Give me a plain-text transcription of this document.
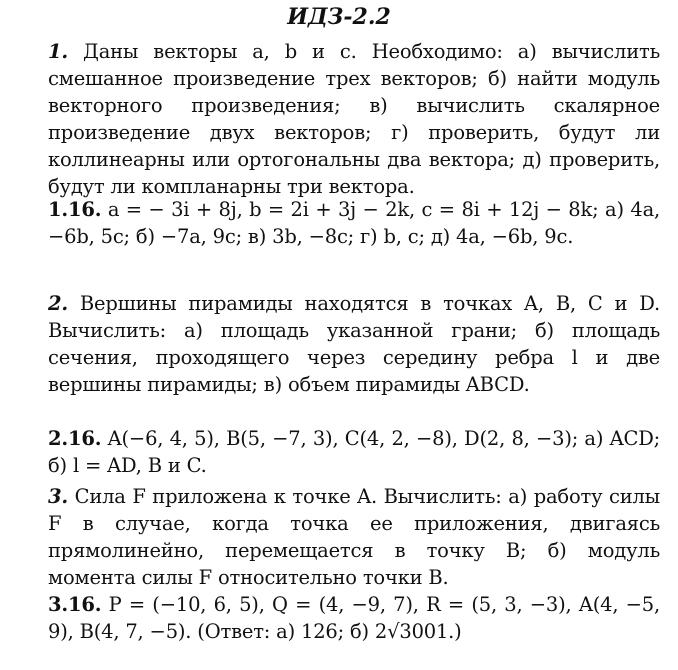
ИДЗ-2.2

1. Даны векторы a, b и c. Необходимо: а) вычислить смешанное произведение трех векторов; б) найти модуль векторного произведения; в) вычислить скалярное произведение двух векторов; г) проверить, будут ли коллинеарны или ортогональны два вектора; д) проверить, будут ли компланарны три вектора.

1.16. a = − 3i + 8j, b = 2i + 3j − 2k, c = 8i + 12j − 8k; а) 4a, −6b, 5c; б) −7a, 9c; в) 3b, −8c; г) b, c; д) 4a, −6b, 9c.

2. Вершины пирамиды находятся в точках A, B, C и D. Вычислить: а) площадь указанной грани; б) площадь сечения, проходящего через середину ребра l и две вершины пирамиды; в) объем пирамиды ABCD.

2.16. A(−6, 4, 5), B(5, −7, 3), C(4, 2, −8), D(2, 8, −3); а) ACD; б) l = AD, B и C.

3. Сила F приложена к точке A. Вычислить: а) работу силы F в случае, когда точка ее приложения, двигаясь прямолинейно, перемещается в точку B; б) модуль момента силы F относительно точки B.

3.16. P = (−10, 6, 5), Q = (4, −9, 7), R = (5, 3, −3), A(4, −5, 9), B(4, 7, −5). (Ответ: а) 126; б) 2√3001.)
